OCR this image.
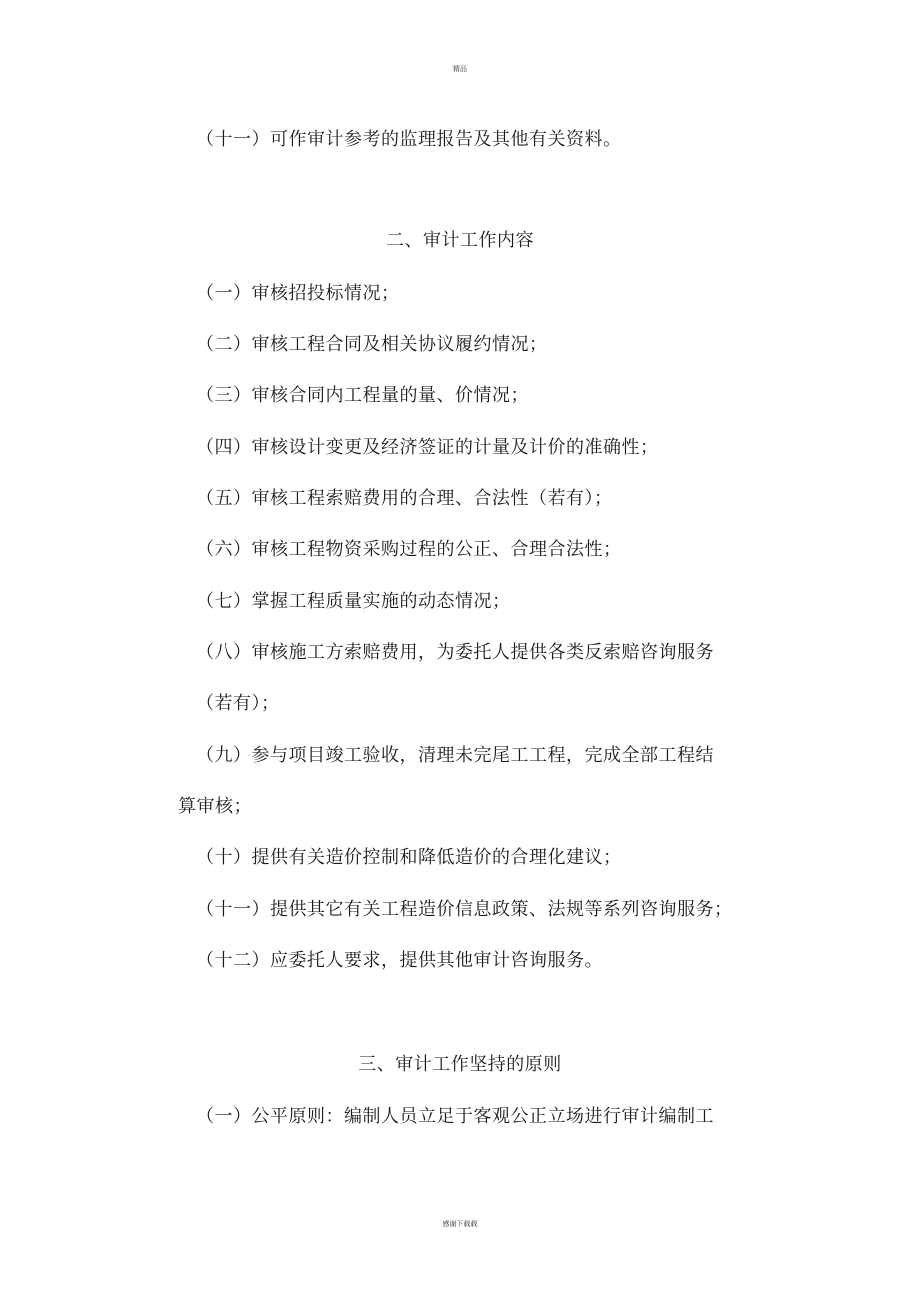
精品
（十一）可作审计参考的监理报告及其他有关资料。
二、审计工作内容
（一）审核招投标情况；
（二）审核工程合同及相关协议履约情况；
（三）审核合同内工程量的量、价情况；
（四）审核设计变更及经济签证的计量及计价的准确性；
（五）审核工程索赔费用的合理、合法性（若有）；
（六）审核工程物资采购过程的公正、合理合法性；
（七）掌握工程质量实施的动态情况；
（八）审核施工方索赔费用，为委托人提供各类反索赔咨询服务
（若有）；
（九）参与项目竣工验收，清理未完尾工工程，完成全部工程结
算审核；
（十）提供有关造价控制和降低造价的合理化建议；
（十一）提供其它有关工程造价信息政策、法规等系列咨询服务；
（十二）应委托人要求，提供其他审计咨询服务。
三、审计工作坚持的原则
（一）公平原则：编制人员立足于客观公正立场进行审计编制工
感谢下载载
